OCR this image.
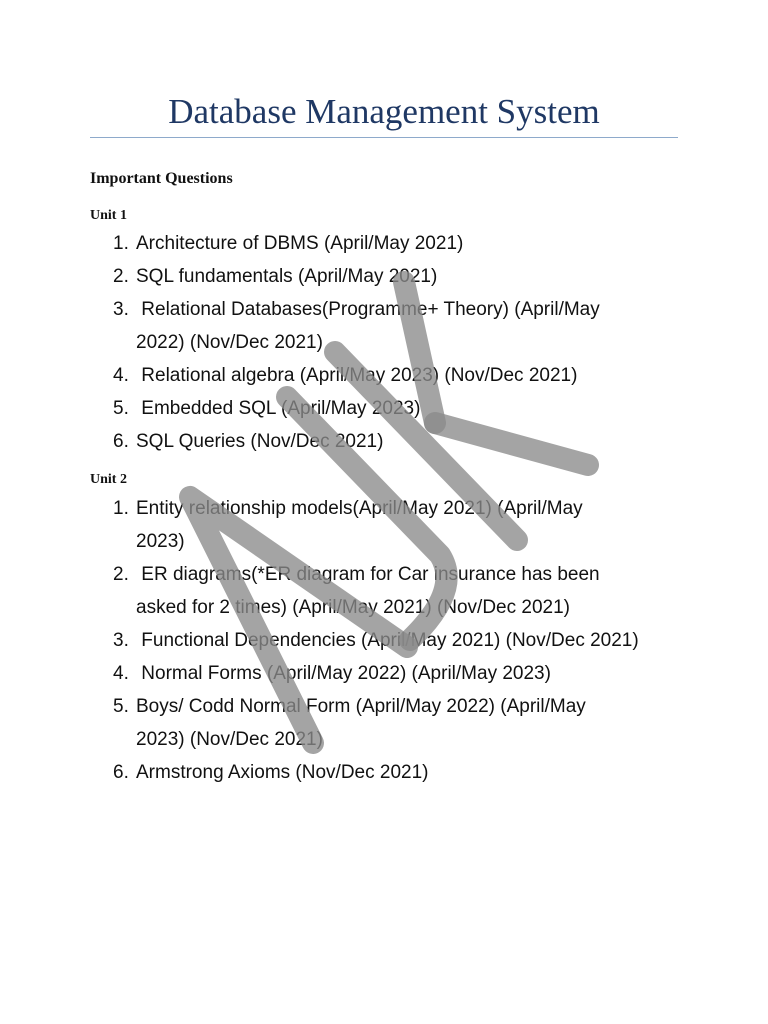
Database Management System
Important Questions
Unit 1
1. Architecture of DBMS (April/May 2021)
2. SQL fundamentals (April/May 2021)
3. Relational Databases(Programme+ Theory) (April/May
2022) (Nov/Dec 2021)
4. Relational algebra (April/May 2023) (Nov/Dec 2021)
5. Embedded SQL (April/May 2023)
6. SQL Queries (Nov/Dec 2021)
Unit 2
1. Entity relationship models(April/May 2021) (April/May
2023)
2. ER diagrams(*ER diagram for Car insurance has been
asked for 2 times) (April/May 2021) (Nov/Dec 2021)
3. Functional Dependencies (April/May 2021) (Nov/Dec 2021)
4. Normal Forms (April/May 2022) (April/May 2023)
5. Boys/ Codd Normal Form (April/May 2022) (April/May
2023) (Nov/Dec 2021)
6. Armstrong Axioms (Nov/Dec 2021)
